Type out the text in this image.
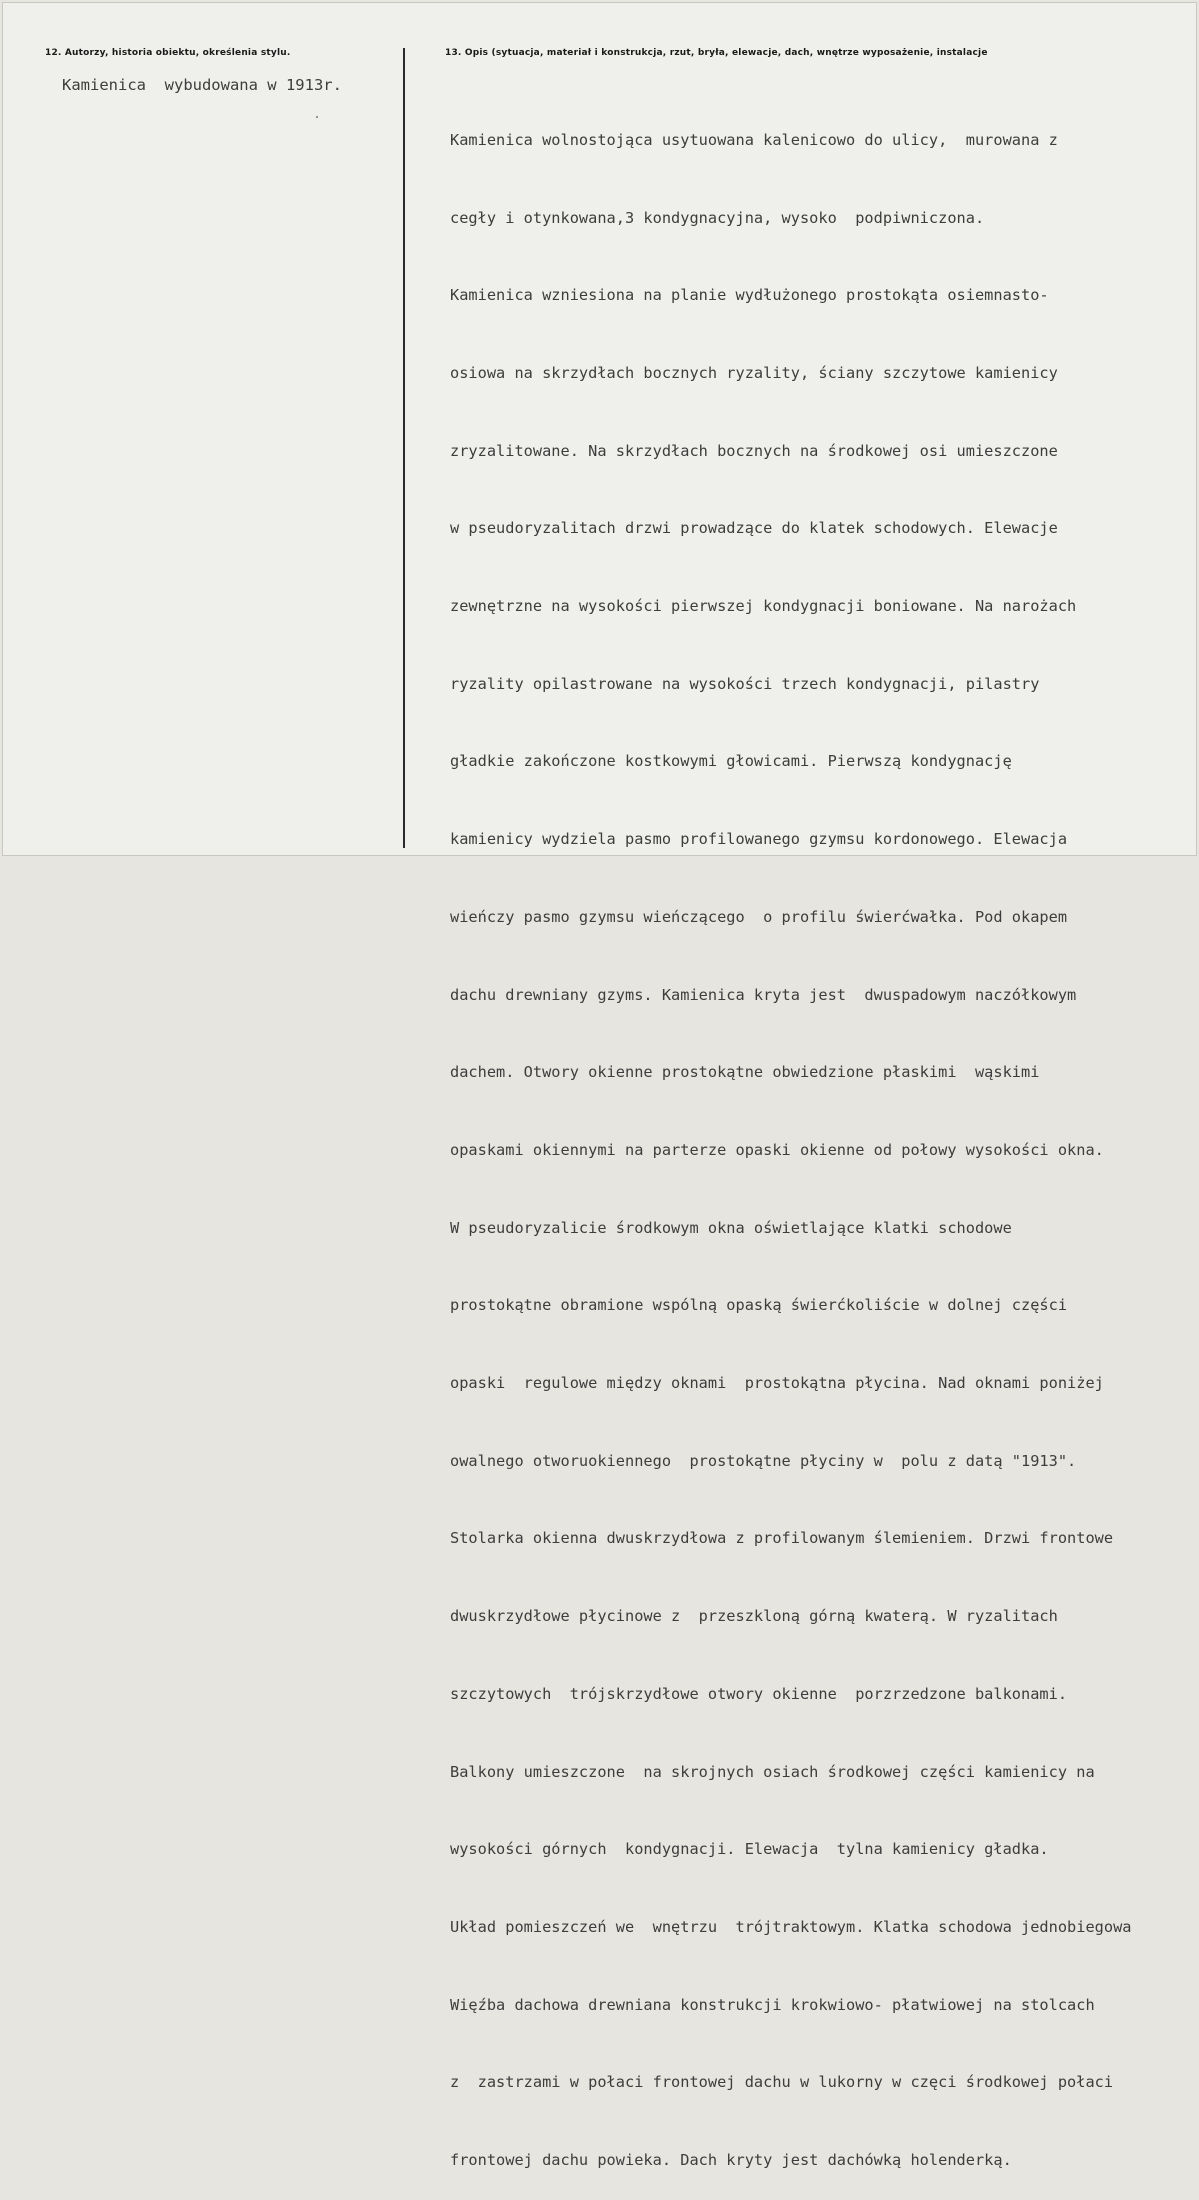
12. Autorzy, historia obiektu, określenia stylu.
Kamienica  wybudowana w 1913r.
13. Opis (sytuacja, materiał i konstrukcja, rzut, bryła, elewacje, dach, wnętrze wyposażenie, instalacje

Kamienica wolnostojąca usytuowana kalenicowo do ulicy,  murowana z

cegły i otynkowana,3 kondygnacyjna, wysoko  podpiwniczona.

Kamienica wzniesiona na planie wydłużonego prostokąta osiemnasto-

osiowa na skrzydłach bocznych ryzality, ściany szczytowe kamienicy

zryzalitowane. Na skrzydłach bocznych na środkowej osi umieszczone

w pseudoryzalitach drzwi prowadzące do klatek schodowych. Elewacje

zewnętrzne na wysokości pierwszej kondygnacji boniowane. Na narożach

ryzality opilastrowane na wysokości trzech kondygnacji, pilastry

gładkie zakończone kostkowymi głowicami. Pierwszą kondygnację

kamienicy wydziela pasmo profilowanego gzymsu kordonowego. Elewacja

wieńczy pasmo gzymsu wieńczącego  o profilu świerćwałka. Pod okapem

dachu drewniany gzyms. Kamienica kryta jest  dwuspadowym naczółkowym

dachem. Otwory okienne prostokątne obwiedzione płaskimi  wąskimi

opaskami okiennymi na parterze opaski okienne od połowy wysokości okna.

W pseudoryzalicie środkowym okna oświetlające klatki schodowe

prostokątne obramione wspólną opaską świerćkoliście w dolnej części

opaski  regulowe między oknami  prostokątna płycina. Nad oknami poniżej

owalnego otworuokiennego  prostokątne płyciny w  polu z datą "1913".

Stolarka okienna dwuskrzydłowa z profilowanym ślemieniem. Drzwi frontowe

dwuskrzydłowe płycinowe z  przeszkloną górną kwaterą. W ryzalitach

szczytowych  trójskrzydłowe otwory okienne  porzrzedzone balkonami.

Balkony umieszczone  na skrojnych osiach środkowej części kamienicy na

wysokości górnych  kondygnacji. Elewacja  tylna kamienicy gładka.

Układ pomieszczeń we  wnętrzu  trójtraktowym. Klatka schodowa jednobiegowa

Więźba dachowa drewniana konstrukcji krokwiowo- płatwiowej na stolcach

z  zastrzami w połaci frontowej dachu w lukorny w częci środkowej połaci

frontowej dachu powieka. Dach kryty jest dachówką holenderką.
